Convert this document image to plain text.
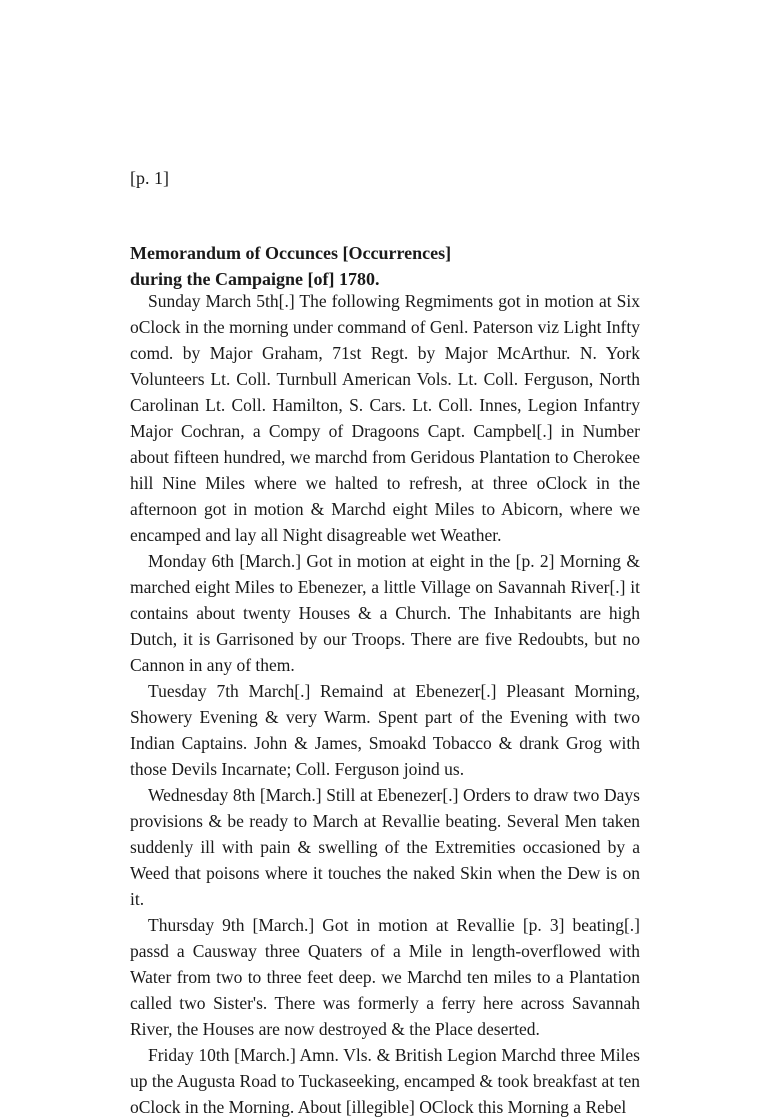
[p. 1]

Memorandum of Occunces [Occurrences]
during the Campaigne [of] 1780.

Sunday March 5th[.] The following Regmiments got in motion at Six oClock in the morning under command of Genl. Paterson viz Light Infty comd. by Major Graham, 71st Regt. by Major McArthur. N. York Volunteers Lt. Coll. Turnbull American Vols. Lt. Coll. Ferguson, North Carolinan Lt. Coll. Hamilton, S. Cars. Lt. Coll. Innes, Legion Infantry Major Cochran, a Compy of Dragoons Capt. Campbel[.] in Number about fifteen hundred, we marchd from Geridous Plantation to Cherokee hill Nine Miles where we halted to refresh, at three oClock in the afternoon got in motion & Marchd eight Miles to Abicorn, where we encamped and lay all Night disagreable wet Weather.

Monday 6th [March.] Got in motion at eight in the [p. 2] Morning & marched eight Miles to Ebenezer, a little Village on Savannah River[.] it contains about twenty Houses & a Church. The Inhabitants are high Dutch, it is Garrisoned by our Troops. There are five Redoubts, but no Cannon in any of them.

Tuesday 7th March[.] Remaind at Ebenezer[.] Pleasant Morning, Showery Evening & very Warm. Spent part of the Evening with two Indian Captains. John & James, Smoakd Tobacco & drank Grog with those Devils Incarnate; Coll. Ferguson joind us.

Wednesday 8th [March.] Still at Ebenezer[.] Orders to draw two Days provisions & be ready to March at Revallie beating. Several Men taken suddenly ill with pain & swelling of the Extremities occasioned by a Weed that poisons where it touches the naked Skin when the Dew is on it.

Thursday 9th [March.] Got in motion at Revallie [p. 3] beating[.] passd a Causway three Quaters of a Mile in length-overflowed with Water from two to three feet deep. we Marchd ten miles to a Plantation called two Sister's. There was formerly a ferry here across Savannah River, the Houses are now destroyed & the Place deserted.

Friday 10th [March.] Amn. Vls. & British Legion Marchd three Miles up the Augusta Road to Tuckaseeking, encamped & took breakfast at ten oClock in the Morning. About [illegible] OClock this Morning a Rebel
